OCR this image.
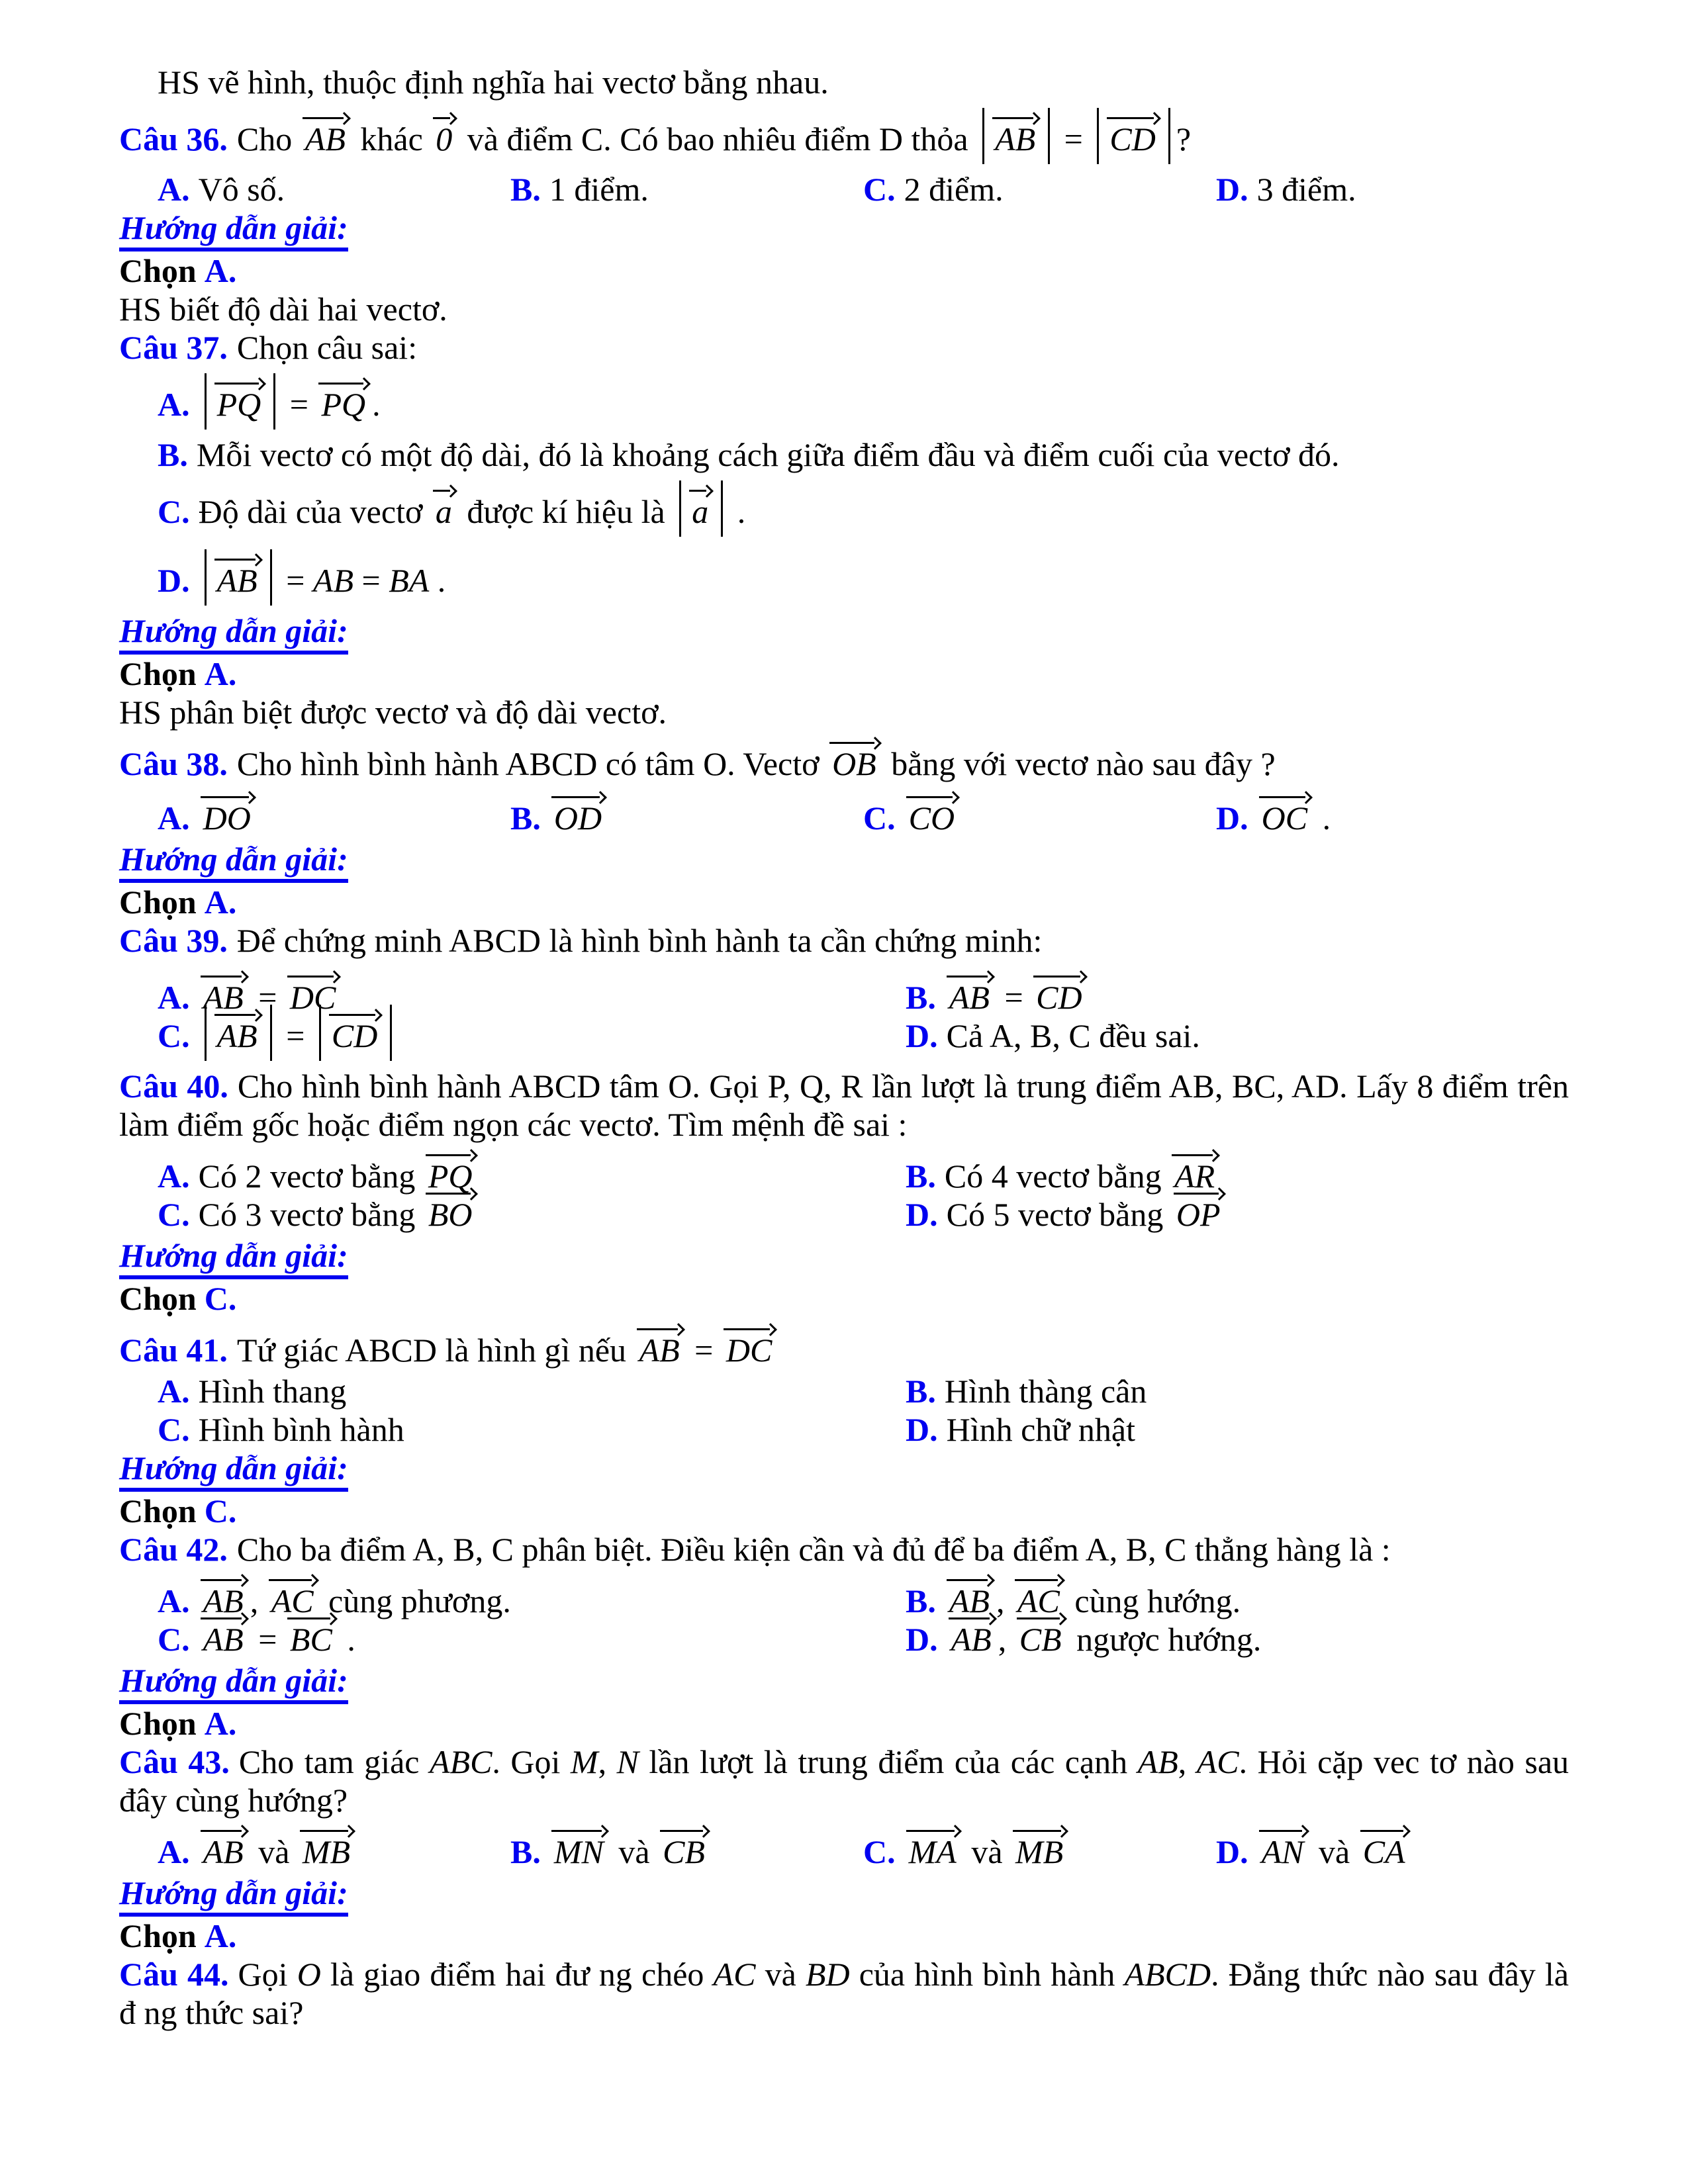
HS vẽ hình, thuộc định nghĩa hai vectơ bằng nhau.
Câu 36. Cho AB khác 0 và điểm C. Có bao nhiêu điểm D thỏa AB = CD ?
A. Vô số.	B. 1 điểm.	C. 2 điểm.	D. 3 điểm.
Hướng dẫn giải:
Chọn A.
HS biết độ dài hai vectơ.
Câu 37. Chọn câu sai:
A. PQ = PQ .
B. Mỗi vectơ có một độ dài, đó là khoảng cách giữa điểm đầu và điểm cuối của vectơ đó.
C. Độ dài của vectơ a được kí hiệu là a .
D. AB = AB = BA .
Hướng dẫn giải:
Chọn A.
HS phân biệt được vectơ và độ dài vectơ.
Câu 38. Cho hình bình hành ABCD có tâm O. Vectơ OB bằng với vectơ nào sau đây ?
A. DO	B. OD	C. CO	D. OC .
Hướng dẫn giải:
Chọn A.
Câu 39. Để chứng minh ABCD là hình bình hành ta cần chứng minh:
A. AB = DC	B. AB = CD
C. AB = CD	D. Cả A, B, C đều sai.
Câu 40. Cho hình bình hành ABCD tâm O. Gọi P, Q, R lần lượt là trung điểm AB, BC, AD. Lấy 8 điểm trên làm điểm gốc hoặc điểm ngọn các vectơ. Tìm mệnh đề sai :
A. Có 2 vectơ bằng PQ	B. Có 4 vectơ bằng AR
C. Có 3 vectơ bằng BO	D. Có 5 vectơ bằng OP
Hướng dẫn giải:
Chọn C.
Câu 41. Tứ giác ABCD là hình gì nếu AB = DC
A. Hình thang	B. Hình thàng cân
C. Hình bình hành	D. Hình chữ nhật
Hướng dẫn giải:
Chọn C.
Câu 42. Cho ba điểm A, B, C phân biệt. Điều kiện cần và đủ để ba điểm A, B, C thẳng hàng là :
A. AB , AC cùng phương.	B. AB , AC cùng hướng.
C. AB = BC .	D. AB , CB ngược hướng.
Hướng dẫn giải:
Chọn A.
Câu 43. Cho tam giác ABC. Gọi M, N lần lượt là trung điểm của các cạnh AB, AC. Hỏi cặp vec tơ nào sau đây cùng hướng?
A. AB và MB	B. MN và CB	C. MA và MB	D. AN và CA
Hướng dẫn giải:
Chọn A.
Câu 44. Gọi O là giao điểm hai đư ng chéo AC và BD của hình bình hành ABCD. Đẳng thức nào sau đây là đ ng thức sai?
